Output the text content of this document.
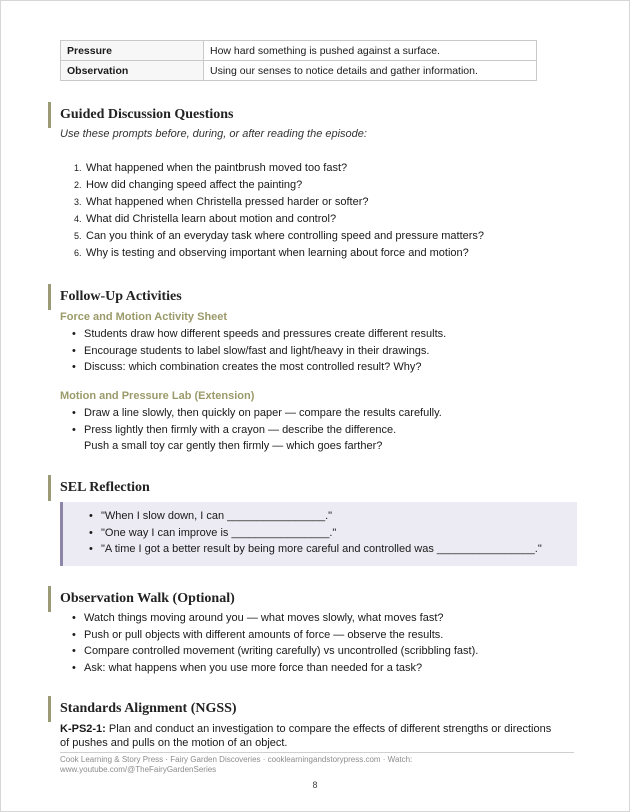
Pressure	How hard something is pushed against a surface.
Observation	Using our senses to notice details and gather information.
Guided Discussion Questions
Use these prompts before, during, or after reading the episode:
1. What happened when the paintbrush moved too fast?
2. How did changing speed affect the painting?
3. What happened when Christella pressed harder or softer?
4. What did Christella learn about motion and control?
5. Can you think of an everyday task where controlling speed and pressure matters?
6. Why is testing and observing important when learning about force and motion?
Follow-Up Activities
Force and Motion Activity Sheet
• Students draw how different speeds and pressures create different results.
• Encourage students to label slow/fast and light/heavy in their drawings.
• Discuss: which combination creates the most controlled result? Why?
Motion and Pressure Lab (Extension)
• Draw a line slowly, then quickly on paper — compare the results carefully.
• Press lightly then firmly with a crayon — describe the difference.
Push a small toy car gently then firmly — which goes farther?
SEL Reflection
• "When I slow down, I can ________________."
• "One way I can improve is ________________."
• "A time I got a better result by being more careful and controlled was ________________."
Observation Walk (Optional)
• Watch things moving around you — what moves slowly, what moves fast?
• Push or pull objects with different amounts of force — observe the results.
• Compare controlled movement (writing carefully) vs uncontrolled (scribbling fast).
• Ask: what happens when you use more force than needed for a task?
Standards Alignment (NGSS)
K-PS2-1: Plan and conduct an investigation to compare the effects of different strengths or directions of pushes and pulls on the motion of an object.
Cook Learning & Story Press · Fairy Garden Discoveries · cooklearningandstorypress.com · Watch:
www.youtube.com/@TheFairyGardenSeries
8
